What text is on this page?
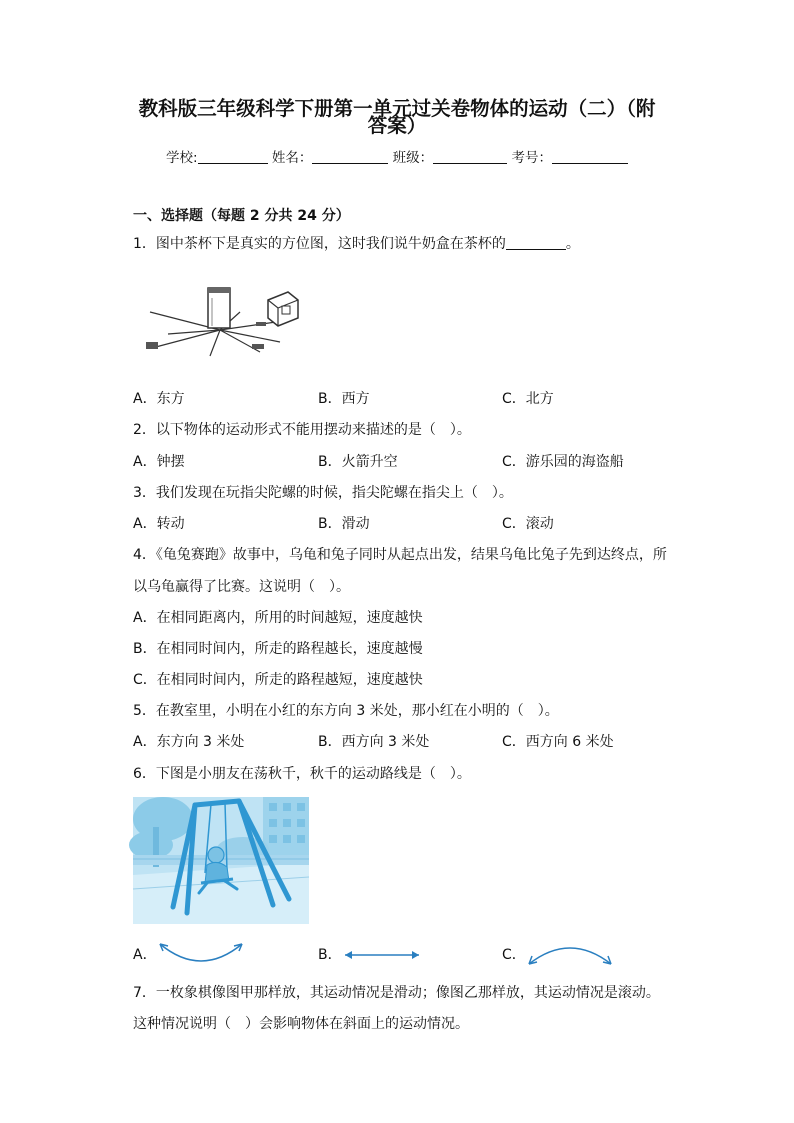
教科版三年级科学下册第一单元过关卷物体的运动（二）（附
答案）
学校:	姓名：	班级：	考号：
一、选择题（每题 2 分共 24 分）
1．图中茶杯下是真实的方位图，这时我们说牛奶盒在茶杯的	。
A．东方	B．西方	C．北方
2．以下物体的运动形式不能用摆动来描述的是（　）。
A．钟摆	B．火箭升空	C．游乐园的海盗船
3．我们发现在玩指尖陀螺的时候，指尖陀螺在指尖上（　）。
A．转动	B．滑动	C．滚动
4．《龟兔赛跑》故事中，乌龟和兔子同时从起点出发，结果乌龟比兔子先到达终点，所
以乌龟赢得了比赛。这说明（　）。
A．在相同距离内，所用的时间越短，速度越快
B．在相同时间内，所走的路程越长，速度越慢
C．在相同时间内，所走的路程越短，速度越快
5．在教室里，小明在小红的东方向 3 米处，那小红在小明的（　）。
A．东方向 3 米处	B．西方向 3 米处	C．西方向 6 米处
6．下图是小朋友在荡秋千，秋千的运动路线是（　）。
A．	B．	C．
7．一枚象棋像图甲那样放，其运动情况是滑动；像图乙那样放，其运动情况是滚动。
这种情况说明（　）会影响物体在斜面上的运动情况。
